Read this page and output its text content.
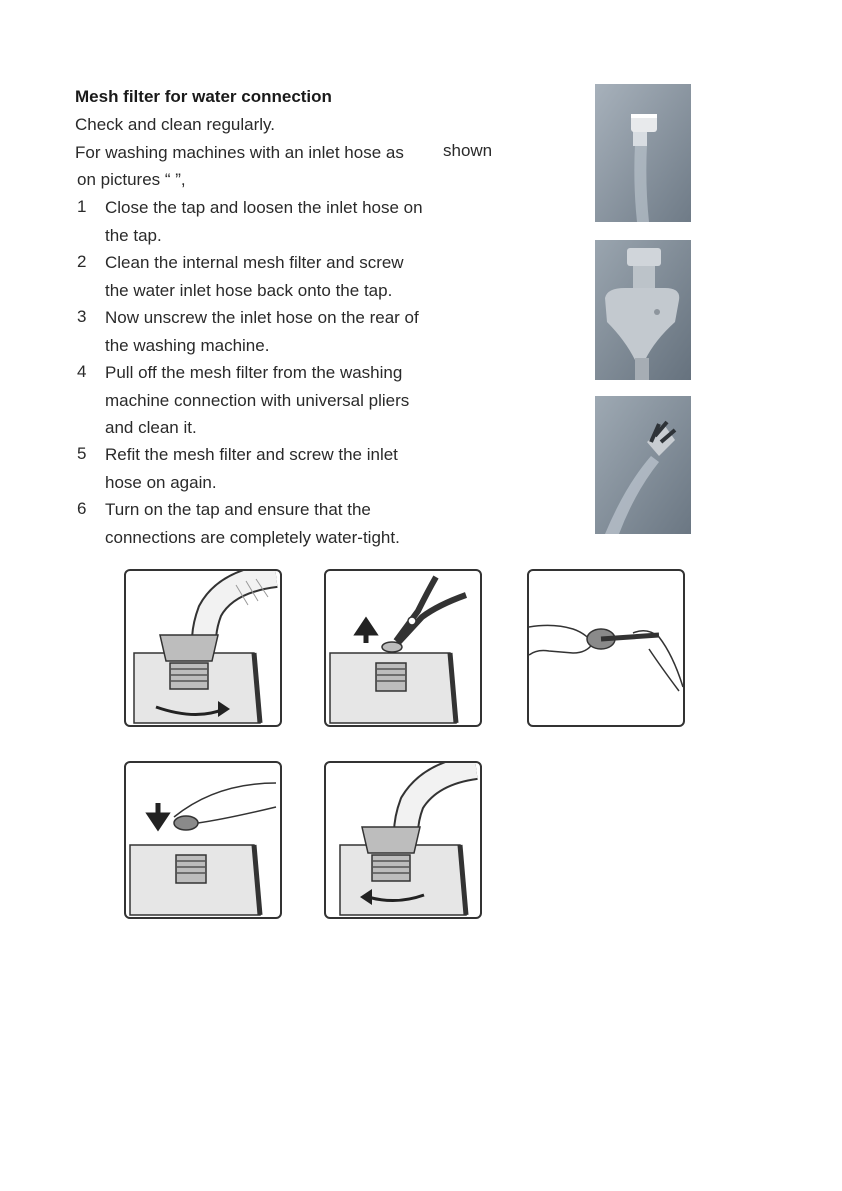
Mesh filter for water connection
Check and clean regularly.
For washing machines with an inlet hose as shown
on pictures “ ”,
1 Close the tap and loosen the inlet hose on
the tap.
2 Clean the internal mesh filter and screw
the water inlet hose back onto the tap.
3 Now unscrew the inlet hose on the rear of
the washing machine.
4 Pull off the mesh filter from the washing
machine connection with universal pliers
and clean it.
5 Refit the mesh filter and screw the inlet
hose on again.
6 Turn on the tap and ensure that the
connections are completely water-tight.
